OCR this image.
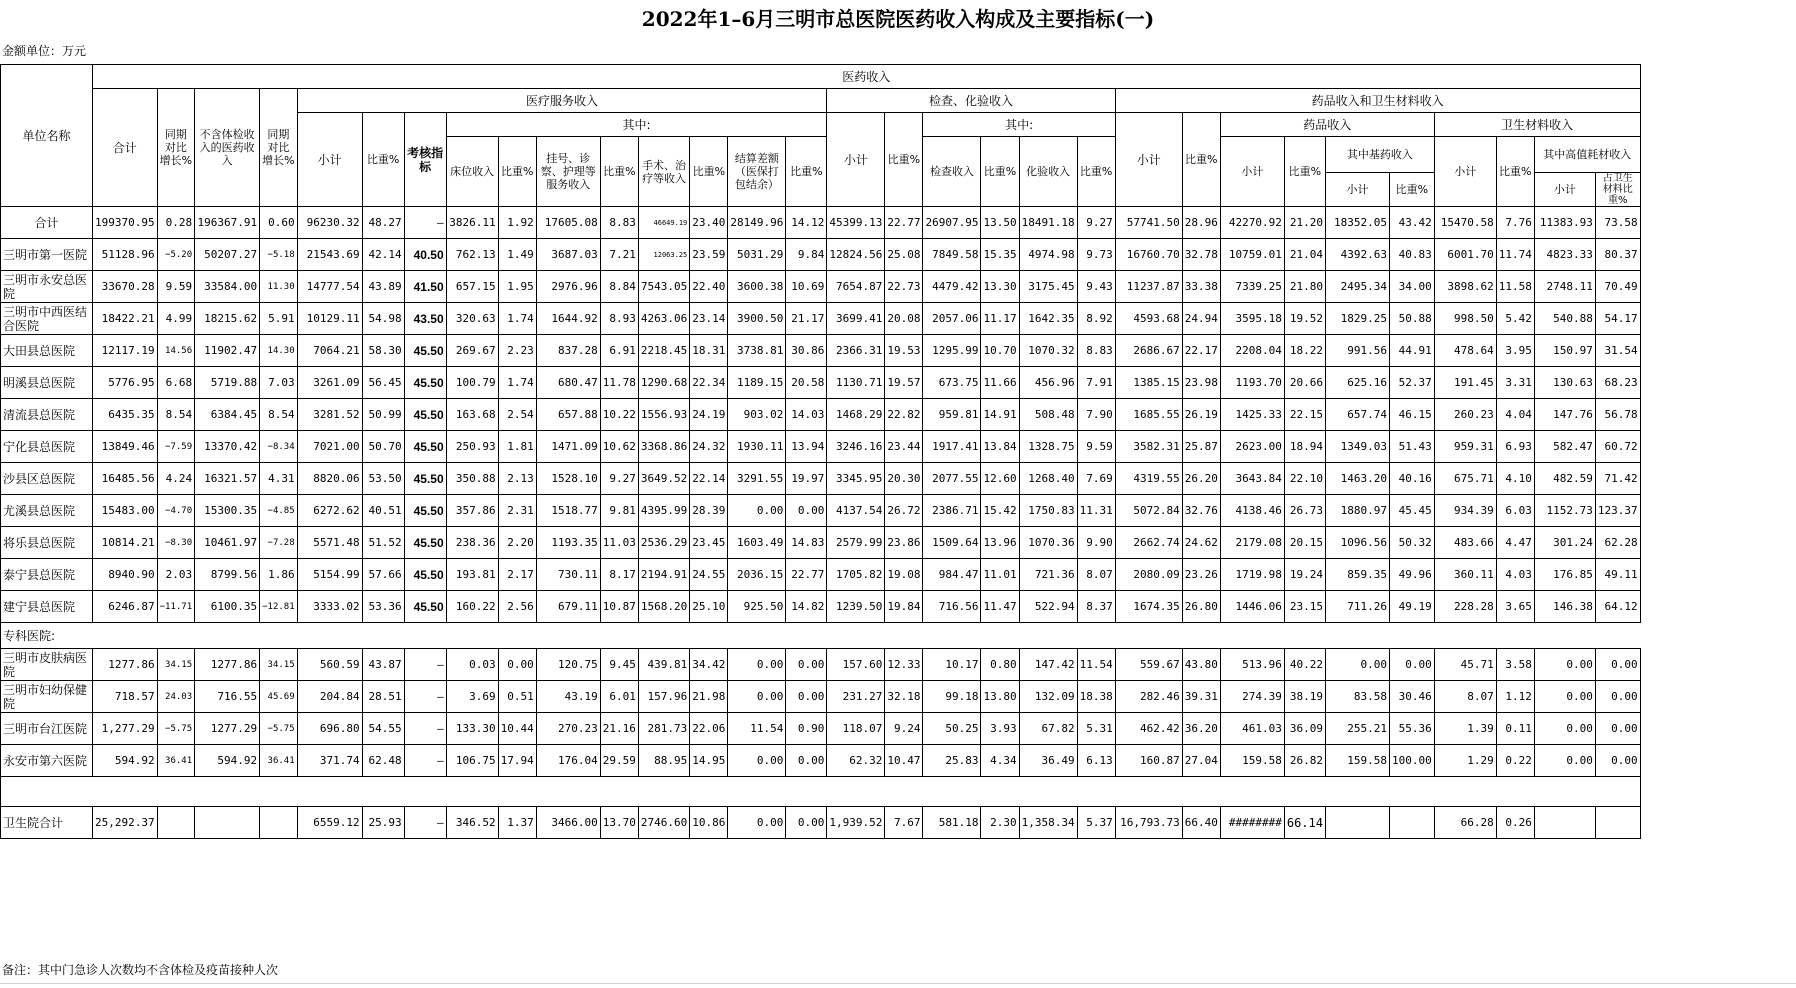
2022年1–6月三明市总医院医药收入构成及主要指标(一)
金额单位：万元
单位名称	医药收入																														
	合计	同期对比增长%	不含体检收入的医药收入	同期对比增长%	医疗服务收入											检查、化验收入						药品收入和卫生材料收入									
					小计	比重%	考核指标	其中:								小计	比重%	其中:				小计	比重%	药品收入				卫生材料收入			
								床位收入	比重%	挂号、诊察、护理等服务收入	比重%	手术、治疗等收入	比重%	结算差额（医保打包结余）	比重%			检查收入	比重%	化验收入	比重%			小计	比重%	其中基药收入		小计	比重%	其中高值耗材收入	
																										小计	比重%			小计	占卫生材料比重%
合计	199370.95	0.28	196367.91	0.60	96230.32	48.27	–	3826.11	1.92	17605.08	8.83	46649.19	23.40	28149.96	14.12	45399.13	22.77	26907.95	13.50	18491.18	9.27	57741.50	28.96	42270.92	21.20	18352.05	43.42	15470.58	7.76	11383.93	73.58
三明市第一医院	51128.96	−5.20	50207.27	−5.18	21543.69	42.14	40.50	762.13	1.49	3687.03	7.21	12063.25	23.59	5031.29	9.84	12824.56	25.08	7849.58	15.35	4974.98	9.73	16760.70	32.78	10759.01	21.04	4392.63	40.83	6001.70	11.74	4823.33	80.37
三明市永安总医院	33670.28	9.59	33584.00	11.30	14777.54	43.89	41.50	657.15	1.95	2976.96	8.84	7543.05	22.40	3600.38	10.69	7654.87	22.73	4479.42	13.30	3175.45	9.43	11237.87	33.38	7339.25	21.80	2495.34	34.00	3898.62	11.58	2748.11	70.49
三明市中西医结合医院	18422.21	4.99	18215.62	5.91	10129.11	54.98	43.50	320.63	1.74	1644.92	8.93	4263.06	23.14	3900.50	21.17	3699.41	20.08	2057.06	11.17	1642.35	8.92	4593.68	24.94	3595.18	19.52	1829.25	50.88	998.50	5.42	540.88	54.17
大田县总医院	12117.19	14.56	11902.47	14.30	7064.21	58.30	45.50	269.67	2.23	837.28	6.91	2218.45	18.31	3738.81	30.86	2366.31	19.53	1295.99	10.70	1070.32	8.83	2686.67	22.17	2208.04	18.22	991.56	44.91	478.64	3.95	150.97	31.54
明溪县总医院	5776.95	6.68	5719.88	7.03	3261.09	56.45	45.50	100.79	1.74	680.47	11.78	1290.68	22.34	1189.15	20.58	1130.71	19.57	673.75	11.66	456.96	7.91	1385.15	23.98	1193.70	20.66	625.16	52.37	191.45	3.31	130.63	68.23
清流县总医院	6435.35	8.54	6384.45	8.54	3281.52	50.99	45.50	163.68	2.54	657.88	10.22	1556.93	24.19	903.02	14.03	1468.29	22.82	959.81	14.91	508.48	7.90	1685.55	26.19	1425.33	22.15	657.74	46.15	260.23	4.04	147.76	56.78
宁化县总医院	13849.46	−7.59	13370.42	−8.34	7021.00	50.70	45.50	250.93	1.81	1471.09	10.62	3368.86	24.32	1930.11	13.94	3246.16	23.44	1917.41	13.84	1328.75	9.59	3582.31	25.87	2623.00	18.94	1349.03	51.43	959.31	6.93	582.47	60.72
沙县区总医院	16485.56	4.24	16321.57	4.31	8820.06	53.50	45.50	350.88	2.13	1528.10	9.27	3649.52	22.14	3291.55	19.97	3345.95	20.30	2077.55	12.60	1268.40	7.69	4319.55	26.20	3643.84	22.10	1463.20	40.16	675.71	4.10	482.59	71.42
尤溪县总医院	15483.00	−4.70	15300.35	−4.85	6272.62	40.51	45.50	357.86	2.31	1518.77	9.81	4395.99	28.39	0.00	0.00	4137.54	26.72	2386.71	15.42	1750.83	11.31	5072.84	32.76	4138.46	26.73	1880.97	45.45	934.39	6.03	1152.73	123.37
将乐县总医院	10814.21	−8.30	10461.97	−7.28	5571.48	51.52	45.50	238.36	2.20	1193.35	11.03	2536.29	23.45	1603.49	14.83	2579.99	23.86	1509.64	13.96	1070.36	9.90	2662.74	24.62	2179.08	20.15	1096.56	50.32	483.66	4.47	301.24	62.28
泰宁县总医院	8940.90	2.03	8799.56	1.86	5154.99	57.66	45.50	193.81	2.17	730.11	8.17	2194.91	24.55	2036.15	22.77	1705.82	19.08	984.47	11.01	721.36	8.07	2080.09	23.26	1719.98	19.24	859.35	49.96	360.11	4.03	176.85	49.11
建宁县总医院	6246.87	−11.71	6100.35	−12.81	3333.02	53.36	45.50	160.22	2.56	679.11	10.87	1568.20	25.10	925.50	14.82	1239.50	19.84	716.56	11.47	522.94	8.37	1674.35	26.80	1446.06	23.15	711.26	49.19	228.28	3.65	146.38	64.12
专科医院:																															
三明市皮肤病医院	1277.86	34.15	1277.86	34.15	560.59	43.87	–	0.03	0.00	120.75	9.45	439.81	34.42	0.00	0.00	157.60	12.33	10.17	0.80	147.42	11.54	559.67	43.80	513.96	40.22	0.00	0.00	45.71	3.58	0.00	0.00
三明市妇幼保健院	718.57	24.03	716.55	45.69	204.84	28.51	–	3.69	0.51	43.19	6.01	157.96	21.98	0.00	0.00	231.27	32.18	99.18	13.80	132.09	18.38	282.46	39.31	274.39	38.19	83.58	30.46	8.07	1.12	0.00	0.00
三明市台江医院	1,277.29	−5.75	1277.29	−5.75	696.80	54.55	–	133.30	10.44	270.23	21.16	281.73	22.06	11.54	0.90	118.07	9.24	50.25	3.93	67.82	5.31	462.42	36.20	461.03	36.09	255.21	55.36	1.39	0.11	0.00	0.00
永安市第六医院	594.92	36.41	594.92	36.41	371.74	62.48	–	106.75	17.94	176.04	29.59	88.95	14.95	0.00	0.00	62.32	10.47	25.83	4.34	36.49	6.13	160.87	27.04	159.58	26.82	159.58	100.00	1.29	0.22	0.00	0.00

卫生院合计	25,292.37				6559.12	25.93	–	346.52	1.37	3466.00	13.70	2746.60	10.86	0.00	0.00	1,939.52	7.67	581.18	2.30	1,358.34	5.37	16,793.73	66.40	########	66.14			66.28	0.26		
备注：其中门急诊人次数均不含体检及疫苗接种人次
